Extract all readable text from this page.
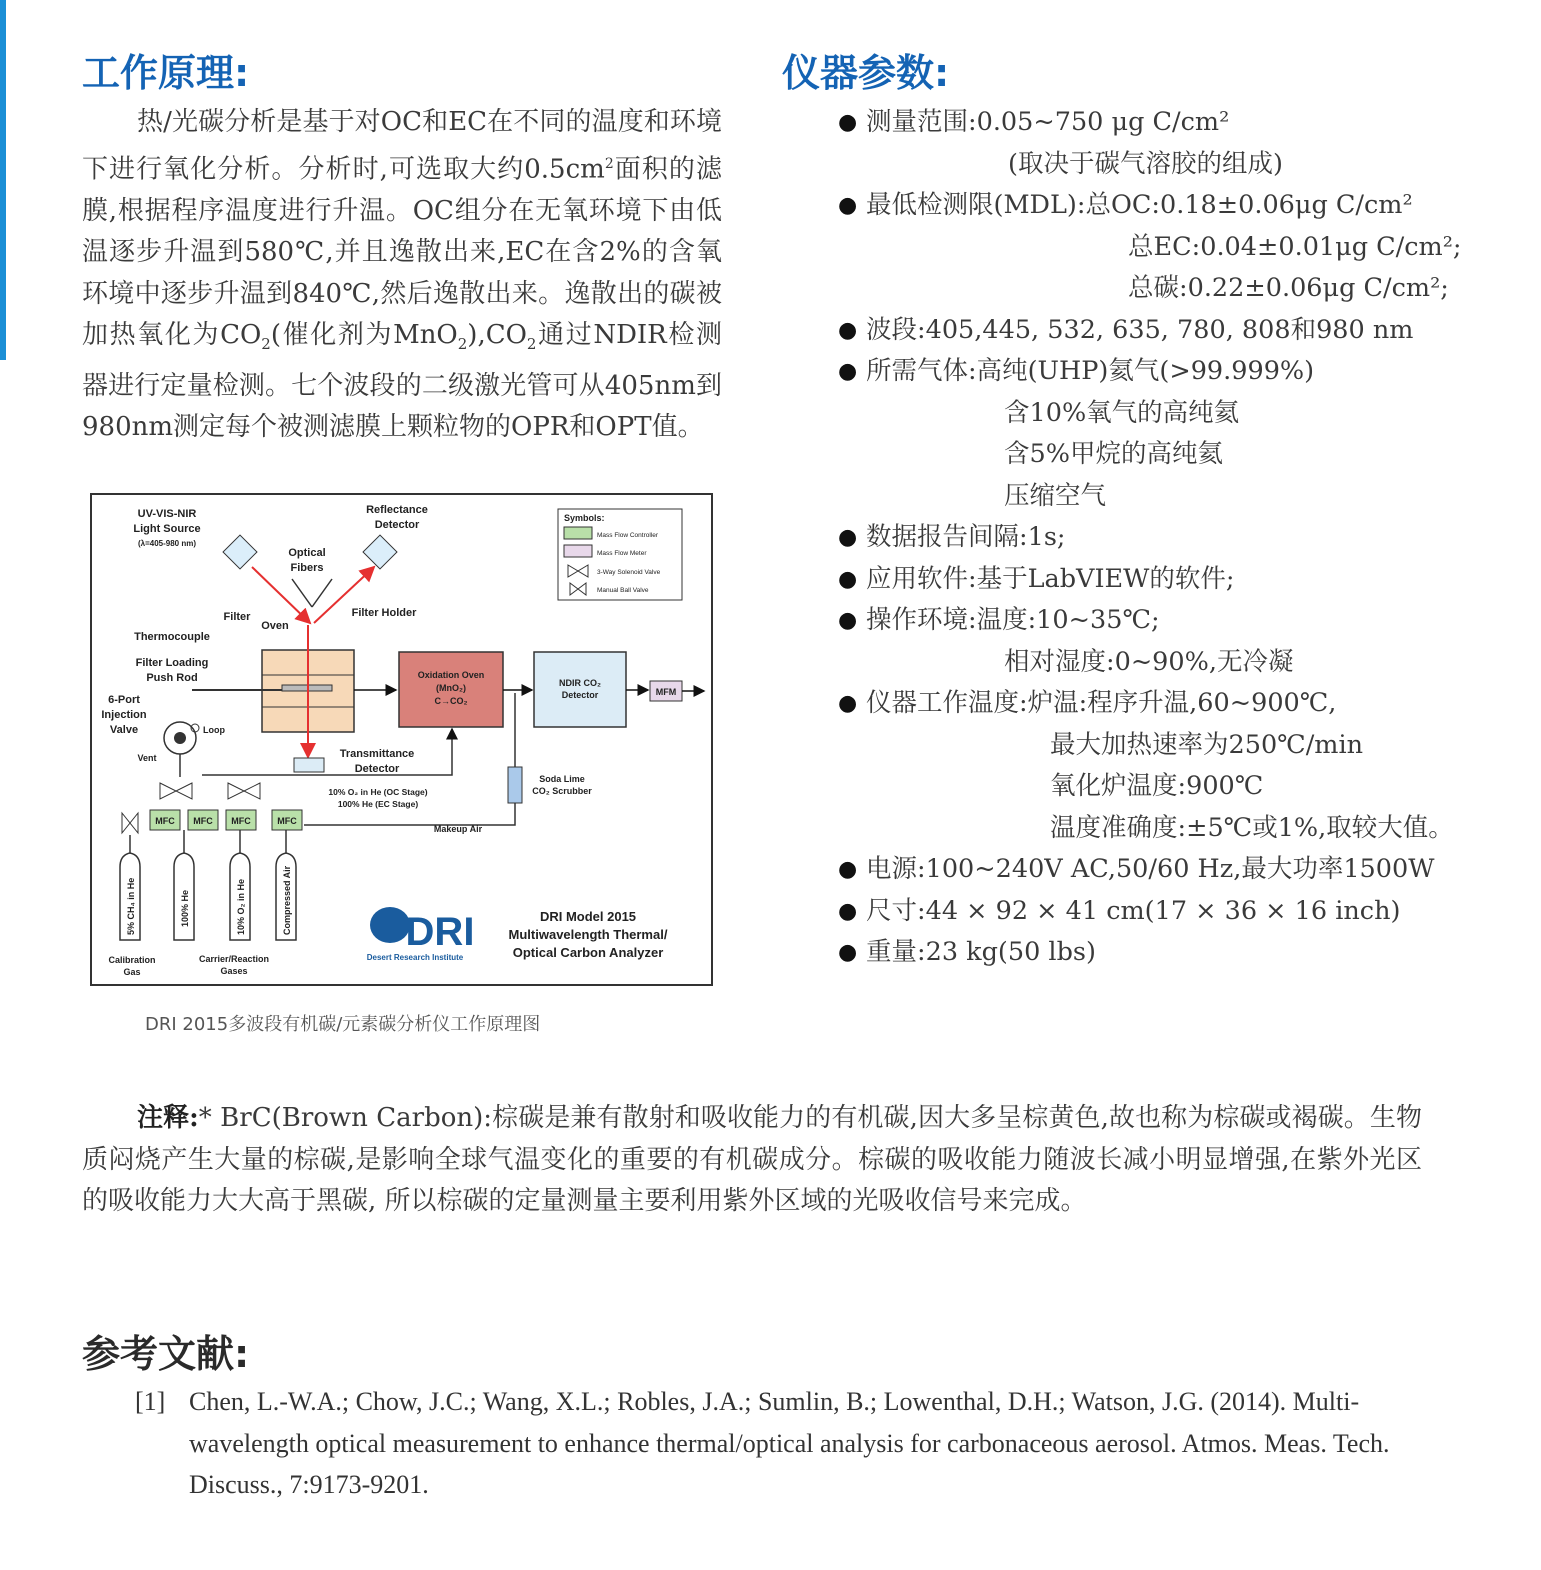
工作原理:

热/光碳分析是基于对OC和EC在不同的温度和环境下进行氧化分析。分析时,可选取大约$0.5cm^2$面积的滤膜,根据程序温度进行升温。OC组分在无氧环境下由低温逐步升温到580℃,并且逸散出来,EC在含2%的含氧环境中逐步升温到840℃,然后逸散出来。逸散出的碳被加热氧化为$CO_2$(催化剂为$MnO_2),CO_2$通过NDIR检测器进行定量检测。七个波段的二级激光管可从405nm到980nm测定每个被测滤膜上颗粒物的OPR和OPT值。

仪器参数:
● 测量范围:0.05~750 μg C/cm²
(取决于碳气溶胶的组成)
● 最低检测限(MDL):总OC:0.18±0.06μg C/cm²
总EC:0.04±0.01μg C/cm²;
总碳:0.22±0.06μg C/cm²;
● 波段:405,445, 532, 635, 780, 808和980 nm
● 所需气体:高纯(UHP)氦气(>99.999%)
含10%氧气的高纯氦
含5%甲烷的高纯氦
压缩空气
● 数据报告间隔:1s;
● 应用软件:基于LabVIEW的软件;
● 操作环境:温度:10~35℃;
相对湿度:0~90%,无冷凝
● 仪器工作温度:炉温:程序升温,60~900℃,
最大加热速率为250℃/min
氧化炉温度:900℃
温度准确度:±5℃或1%,取较大值。
● 电源:100~240V AC,50/60 Hz,最大功率1500W
● 尺寸:44 × 92 × 41 cm(17 × 36 × 16 inch)
● 重量:23 kg(50 lbs)
UV-VIS-NIR
Light Source
(λ=405-980 nm)
Reflectance
Detector
Optical
Fibers
Filter
Oven
Filter Holder
Thermocouple
Filter Loading
Push Rod	Oxidation Oven
(MnO₂)
C→CO₂
NDIR CO₂
Detector	MFM
6-Port
Injection
Valve	Loop
Vent	Transmittance
Detector
10% O₂ in He (OC Stage)
100% He (EC Stage)
Soda Lime
CO₂ Scrubber
Makeup Air
MFC MFC MFC	MFC
5% CH₄ in He	100% He	10% O₂ in He	Compressed Air
Calibration
Gas
Carrier/Reaction
Gases
Symbols:
Mass Flow Controller
Mass Flow Meter
3-Way Solenoid Valve
Manual Ball Valve
DRI
Desert Research Institute
DRI Model 2015
Multiwavelength Thermal/
Optical Carbon Analyzer
DRI 2015多波段有机碳/元素碳分析仪工作原理图

注释:* BrC(Brown Carbon):棕碳是兼有散射和吸收能力的有机碳,因大多呈棕黄色,故也称为棕碳或褐碳。生物质闷烧产生大量的棕碳,是影响全球气温变化的重要的有机碳成分。棕碳的吸收能力随波长减小明显增强,在紫外光区的吸收能力大大高于黑碳, 所以棕碳的定量测量主要利用紫外区域的光吸收信号来完成。

参考文献:
[1] Chen, L.-W.A.; Chow, J.C.; Wang, X.L.; Robles, J.A.; Sumlin, B.; Lowenthal, D.H.; Watson, J.G. (2014). Multi-wavelength optical measurement to enhance thermal/optical analysis for carbonaceous aerosol. Atmos. Meas. Tech. Discuss., 7:9173-9201.
